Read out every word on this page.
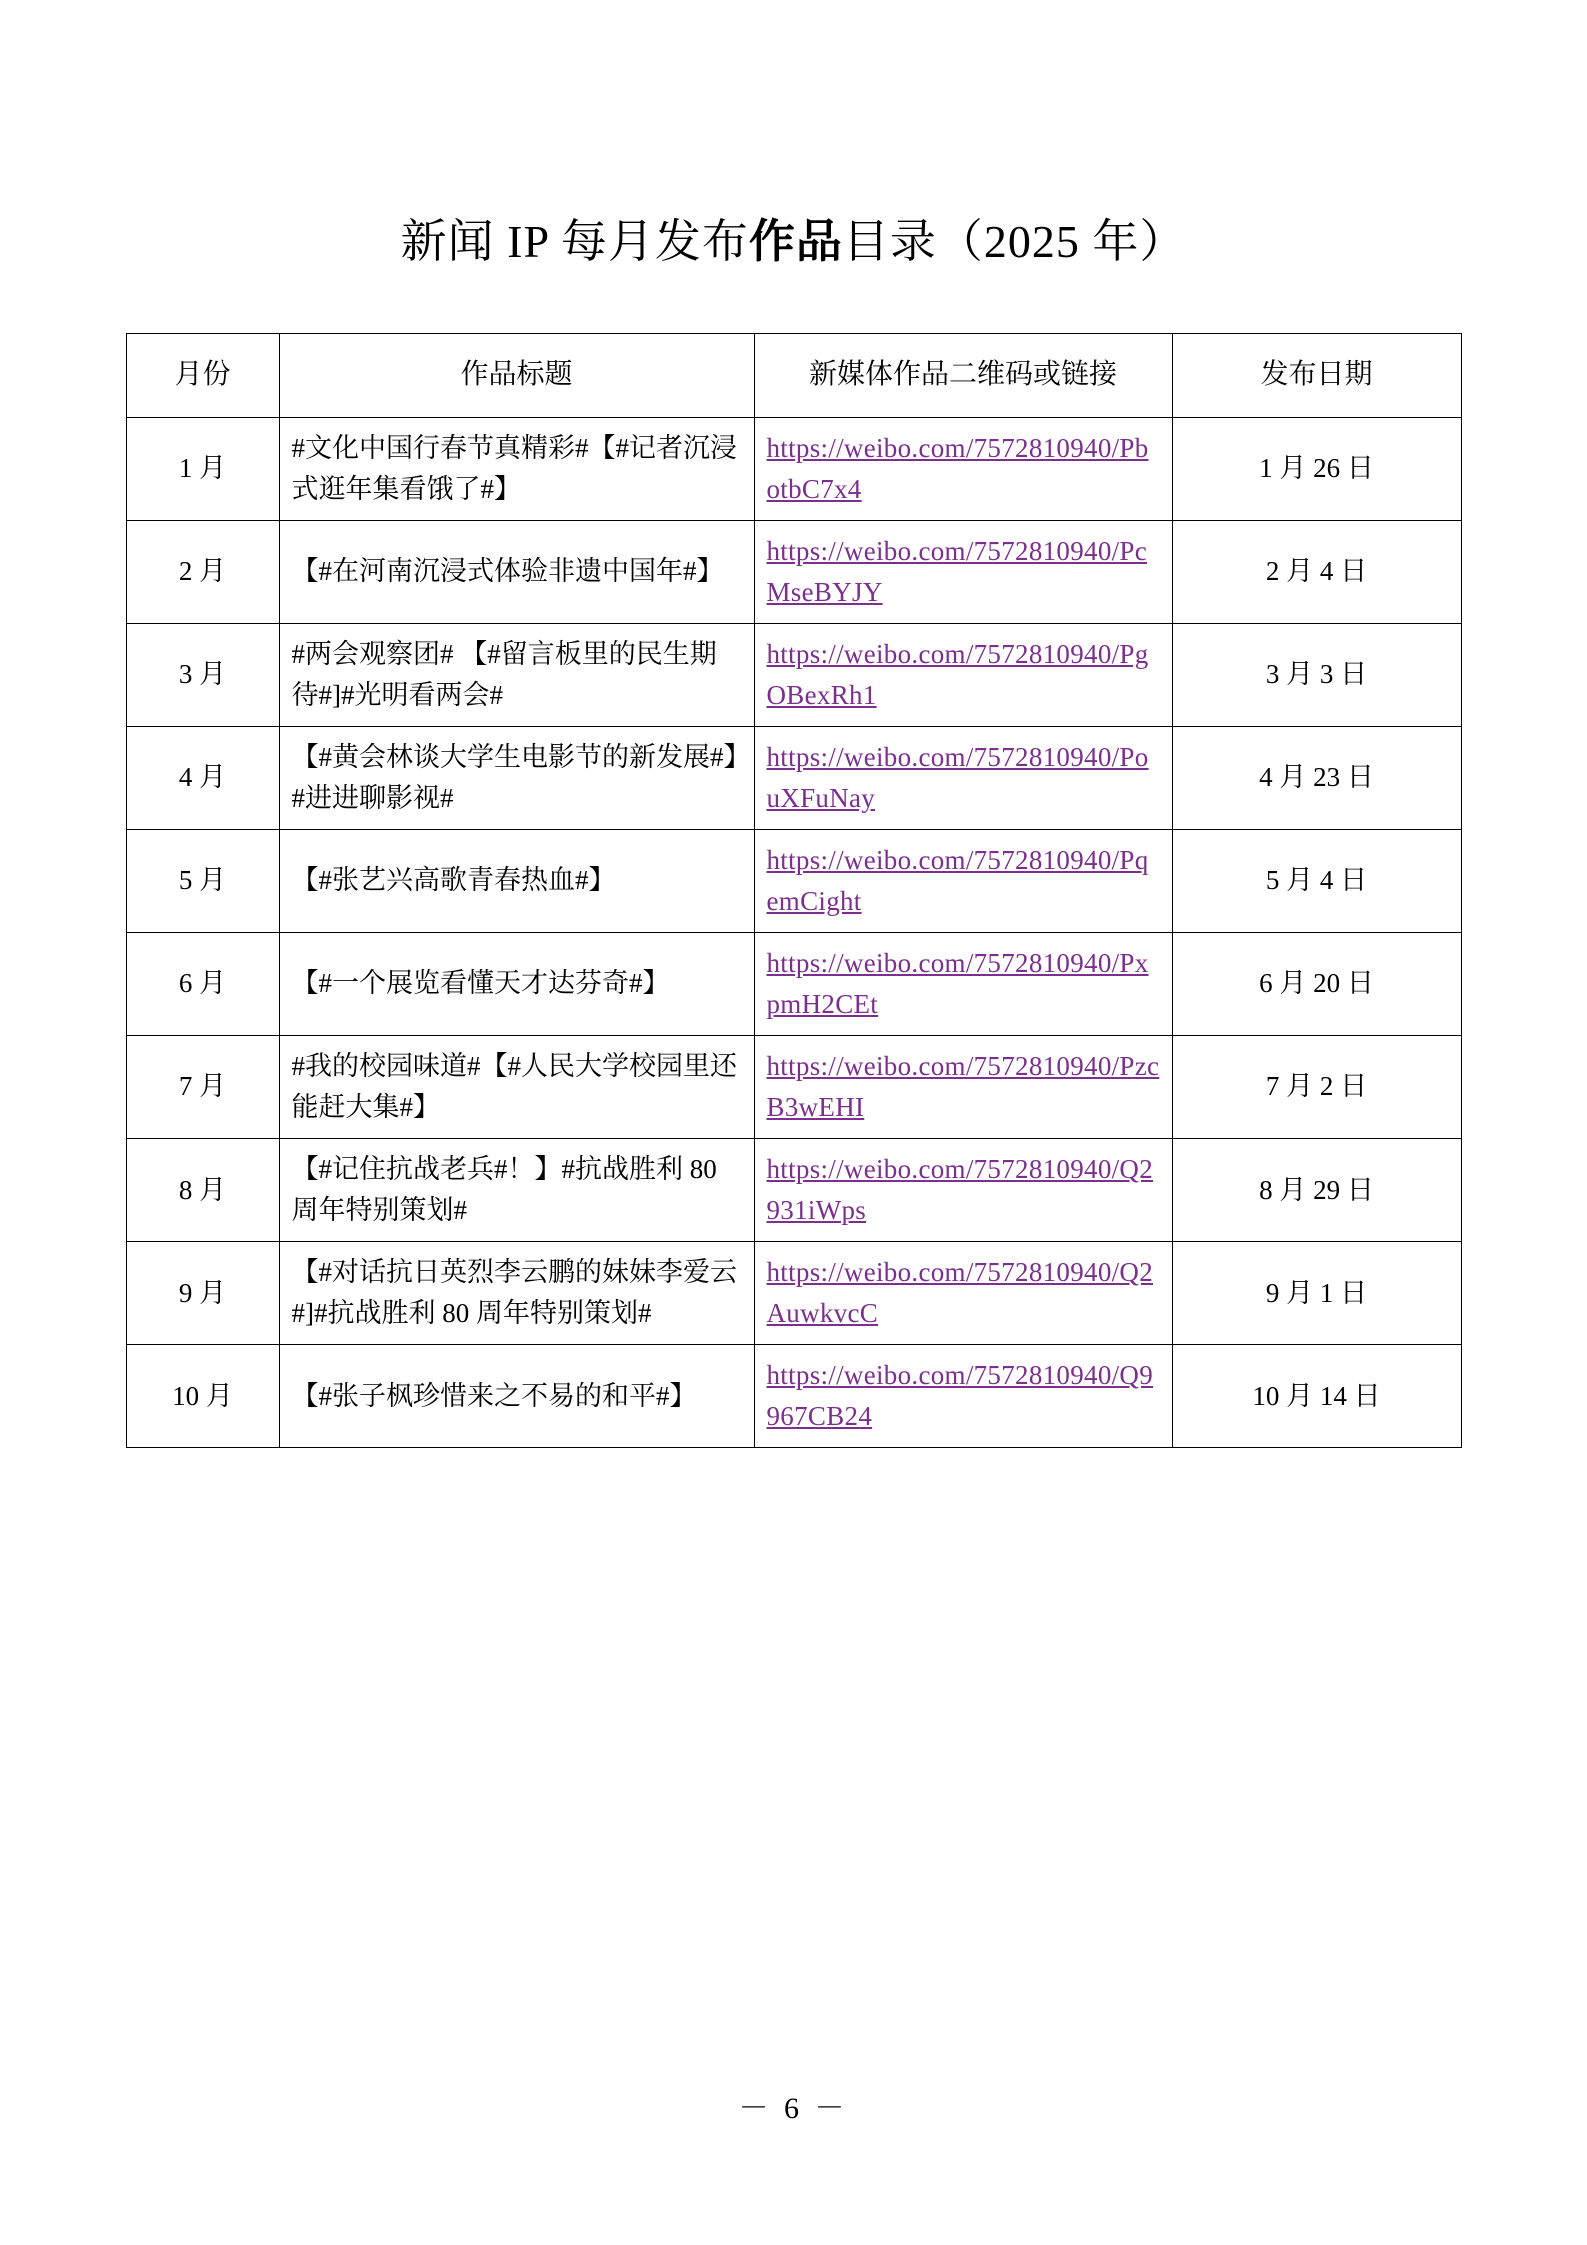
新闻 IP 每月发布作品目录（2025 年）
月份	作品标题	新媒体作品二维码或链接	发布日期
1 月	#文化中国行春节真精彩#【#记者沉浸式逛年集看饿了#】	https://weibo.com/7572810940/PbotbC7x4	1 月 26 日
2 月	【#在河南沉浸式体验非遗中国年#】	https://weibo.com/7572810940/PcMseBYJY	2 月 4 日
3 月	#两会观察团# 【#留言板里的民生期待#]#光明看两会#	https://weibo.com/7572810940/PgOBexRh1	3 月 3 日
4 月	【#黄会林谈大学生电影节的新发展#】#进进聊影视#	https://weibo.com/7572810940/PouXFuNay	4 月 23 日
5 月	【#张艺兴高歌青春热血#】	https://weibo.com/7572810940/PqemCight	5 月 4 日
6 月	【#一个展览看懂天才达芬奇#】	https://weibo.com/7572810940/PxpmH2CEt	6 月 20 日
7 月	#我的校园味道#【#人民大学校园里还能赶大集#】	https://weibo.com/7572810940/PzcB3wEHI	7 月 2 日
8 月	【#记住抗战老兵#！】#抗战胜利 80 周年特别策划#	https://weibo.com/7572810940/Q2931iWps	8 月 29 日
9 月	【#对话抗日英烈李云鹏的妹妹李爱云#]#抗战胜利 80 周年特别策划#	https://weibo.com/7572810940/Q2AuwkvcC	9 月 1 日
10 月	【#张子枫珍惜来之不易的和平#】	https://weibo.com/7572810940/Q9967CB24	10 月 14 日
－ 6 －
